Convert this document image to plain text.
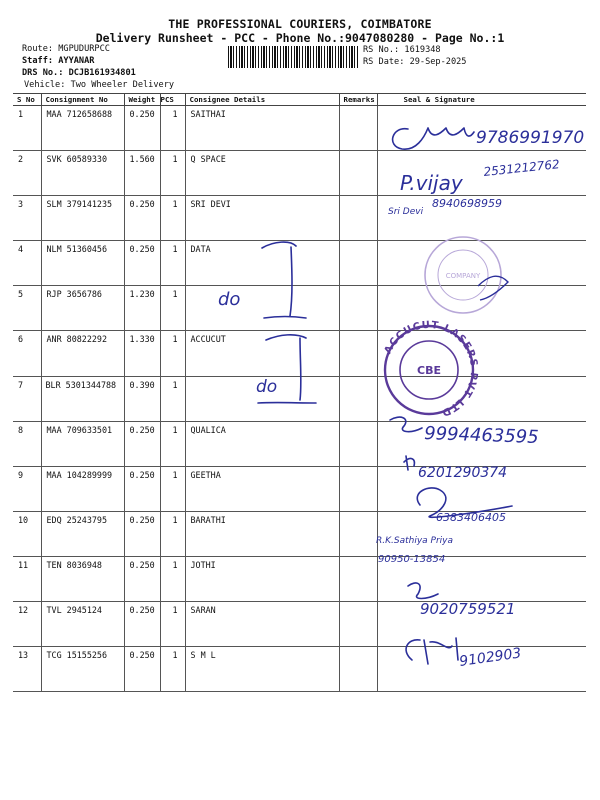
THE PROFESSIONAL COURIERS, COIMBATORE
Delivery Runsheet - PCC - Phone No.:9047080280 - Page No.:1
Route: MGPUDURPCC
Staff: AYYANAR
DRS No.: DCJB161934801
Vehicle: Two Wheeler Delivery
RS No.: 1619348
RS Date: 29-Sep-2025
S No	Consignment No	Weight	PCS	Consignee Details	Remarks	Seal & Signature
1	MAA 712658688	0.250	1	SAITHAI		
2	SVK 60589330	1.560	1	Q SPACE		
3	SLM 379141235	0.250	1	SRI DEVI		
4	NLM 51360456	0.250	1	DATA		
5	RJP 3656786	1.230	1			
6	ANR 80822292	1.330	1	ACCUCUT		
7	BLR 5301344788	0.390	1			
8	MAA 709633501	0.250	1	QUALICA		
9	MAA 104289999	0.250	1	GEETHA		
10	EDQ 25243795	0.250	1	BARATHI		
11	TEN 8036948	0.250	1	JOTHI		
12	TVL 2945124	0.250	1	SARAN		
13	TCG 15155256	0.250	1	S M L		
9786991970
P.vijay
2531212762
Sri Devi
8940698959
do
do
9994463595
6201290374
6383406405
R.K.Sathiya Priya
90950-13854
9020759521
9102903
COMPANY
ACCUCUT LASERS PVT LTD
CBE
